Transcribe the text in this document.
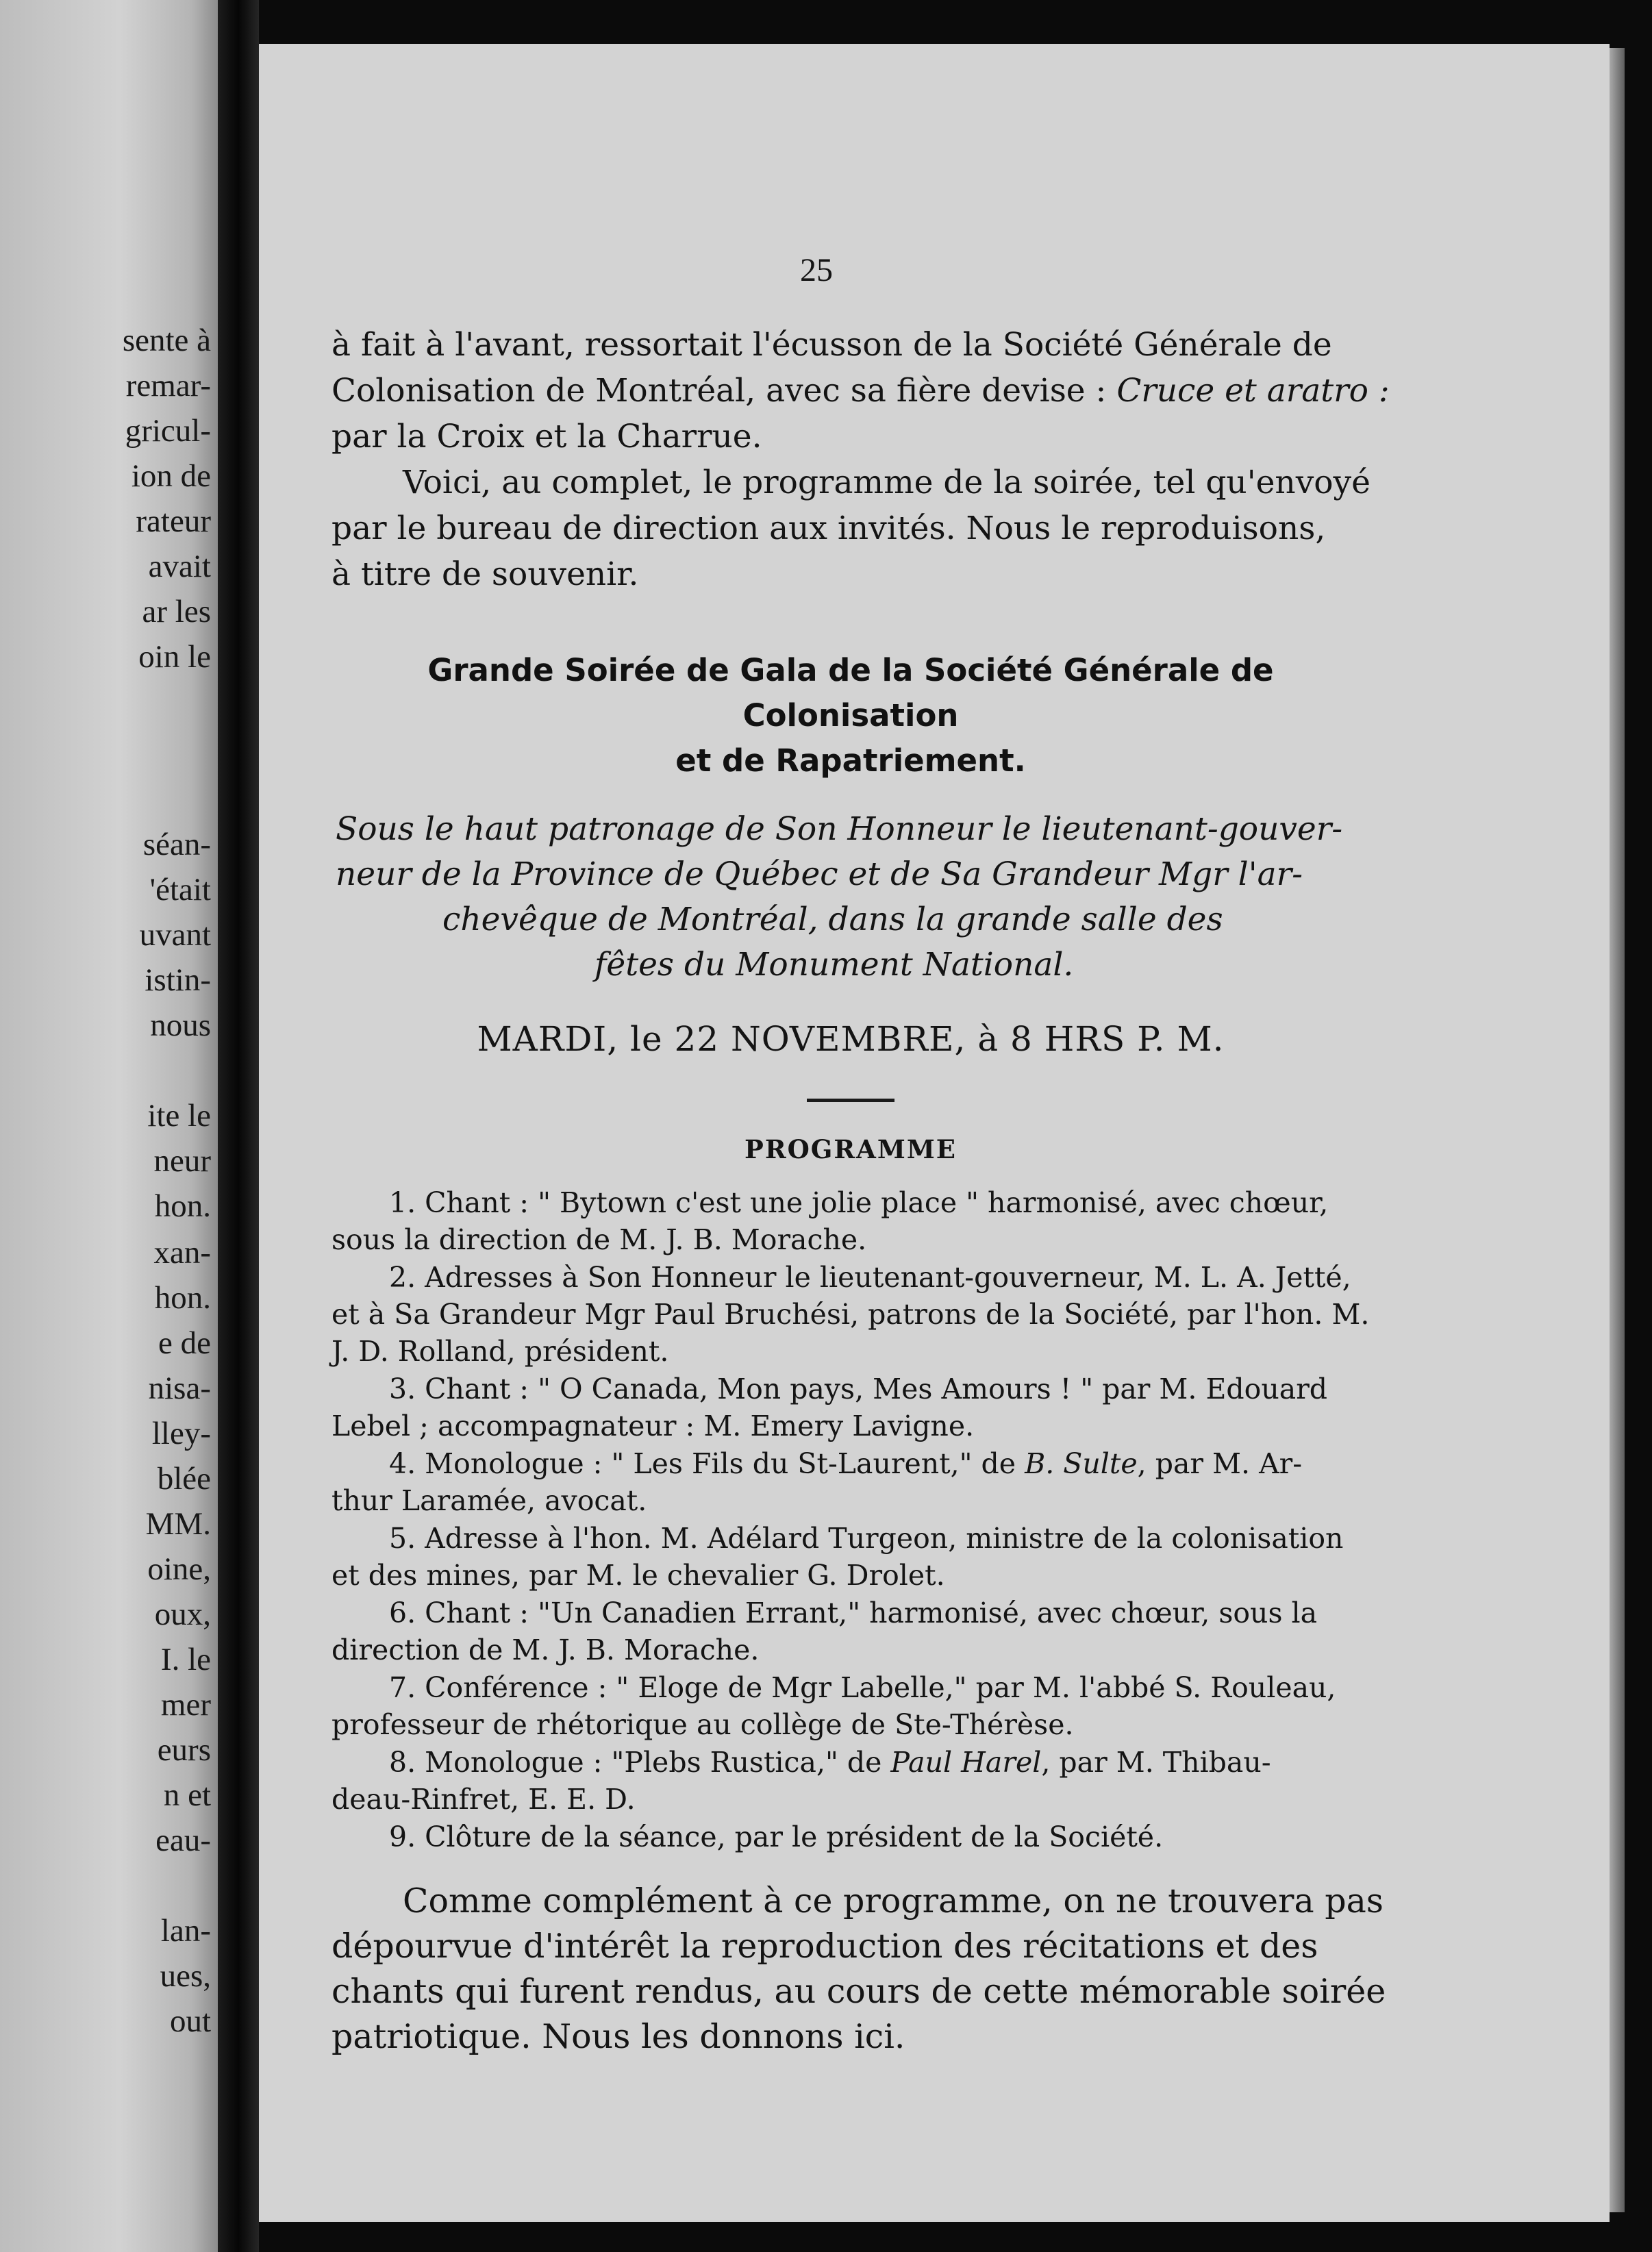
sente à
remar-
gricul-
ion de
rateur
avait
ar les
oin le
séan-
'était
uvant
istin-
nous
ite le
neur
hon.
xan-
hon.
e de
nisa-
lley-
blée
MM.
oine,
oux,
I. le
mer
eurs
n et
eau-
lan-
ues,
out
25

à fait à l'avant, ressortait l'écusson de la Société Générale de
Colonisation de Montréal, avec sa fière devise : Cruce et aratro :
par la Croix et la Charrue.

Voici, au complet, le programme de la soirée, tel qu'envoyé
par le bureau de direction aux invités. Nous le reproduisons,
à titre de souvenir.

Grande Soirée de Gala de la Société Générale de Colonisation
et de Rapatriement.

Sous le haut patronage de Son Honneur le lieutenant-gouver-
neur de la Province de Québec et de Sa Grandeur Mgr l'ar-
chevêque de Montréal, dans la grande salle des
fêtes du Monument National.

MARDI, le 22 NOVEMBRE, à 8 HRS P. M.

PROGRAMME

1. Chant : " Bytown c'est une jolie place " harmonisé, avec chœur,
sous la direction de M. J. B. Morache.
2. Adresses à Son Honneur le lieutenant-gouverneur, M. L. A. Jetté,
et à Sa Grandeur Mgr Paul Bruchési, patrons de la Société, par l'hon. M.
J. D. Rolland, président.
3. Chant : " O Canada, Mon pays, Mes Amours ! " par M. Edouard
Lebel ; accompagnateur : M. Emery Lavigne.
4. Monologue : " Les Fils du St-Laurent," de B. Sulte, par M. Ar-
thur Laramée, avocat.
5. Adresse à l'hon. M. Adélard Turgeon, ministre de la colonisation
et des mines, par M. le chevalier G. Drolet.
6. Chant : "Un Canadien Errant," harmonisé, avec chœur, sous la
direction de M. J. B. Morache.
7. Conférence : " Eloge de Mgr Labelle," par M. l'abbé S. Rouleau,
professeur de rhétorique au collège de Ste-Thérèse.
8. Monologue : "Plebs Rustica," de Paul Harel, par M. Thibau-
deau-Rinfret, E. E. D.
9. Clôture de la séance, par le président de la Société.

Comme complément à ce programme, on ne trouvera pas
dépourvue d'intérêt la reproduction des récitations et des
chants qui furent rendus, au cours de cette mémorable soirée
patriotique. Nous les donnons ici.
